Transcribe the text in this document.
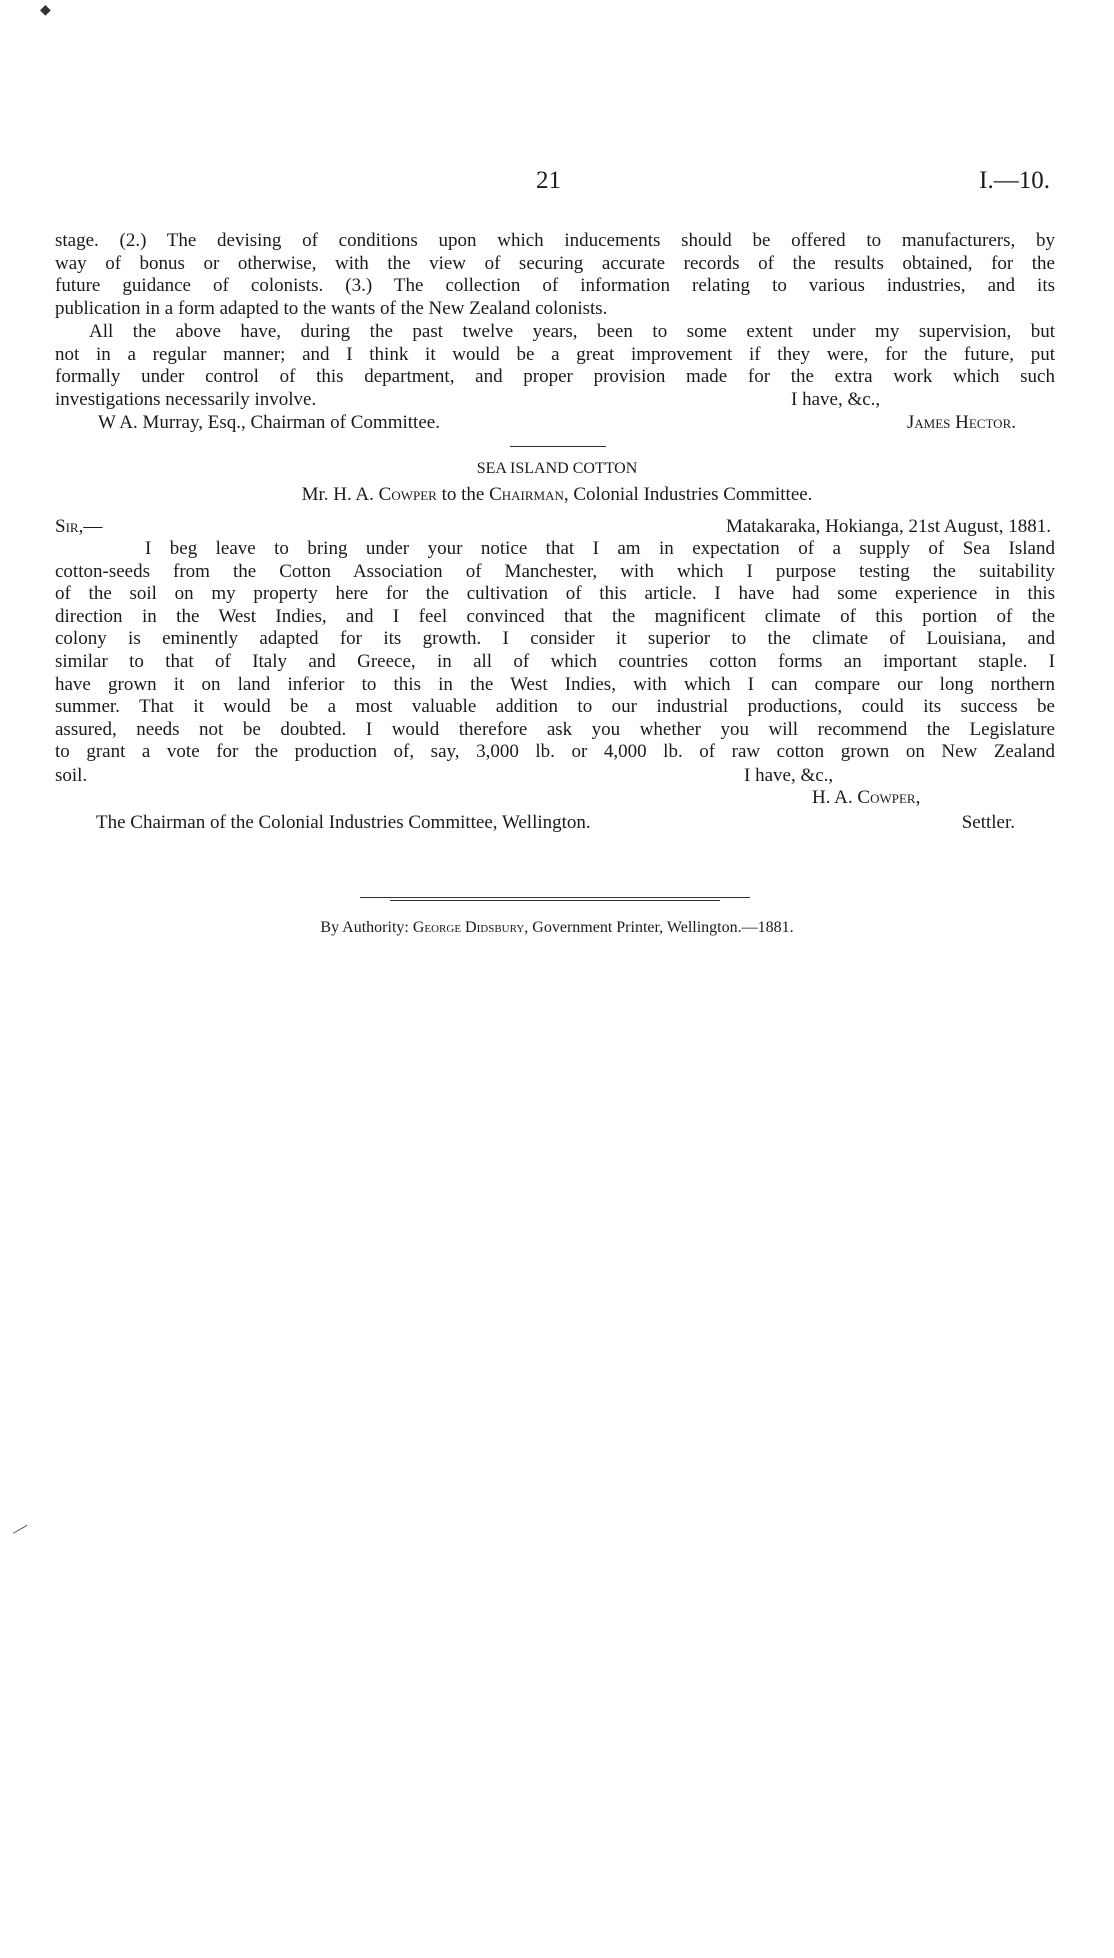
21	I.—10.
stage. (2.) The devising of conditions upon which inducements should be offered to manufacturers, by
way of bonus or otherwise, with the view of securing accurate records of the results obtained, for the
future guidance of colonists. (3.) The collection of information relating to various industries, and its
publication in a form adapted to the wants of the New Zealand colonists.
All the above have, during the past twelve years, been to some extent under my supervision, but
not in a regular manner; and I think it would be a great improvement if they were, for the future, put
formally under control of this department, and proper provision made for the extra work which such
investigations necessarily involve.	I have, &c.,
W A. Murray, Esq., Chairman of Committee.	James Hector.
SEA ISLAND COTTON
Mr. H. A. Cowper to the Chairman, Colonial Industries Committee.
Sir,—	Matakaraka, Hokianga, 21st August, 1881.
I beg leave to bring under your notice that I am in expectation of a supply of Sea Island
cotton-seeds from the Cotton Association of Manchester, with which I purpose testing the suitability
of the soil on my property here for the cultivation of this article. I have had some experience in this
direction in the West Indies, and I feel convinced that the magnificent climate of this portion of the
colony is eminently adapted for its growth. I consider it superior to the climate of Louisiana, and
similar to that of Italy and Greece, in all of which countries cotton forms an important staple. I
have grown it on land inferior to this in the West Indies, with which I can compare our long northern
summer. That it would be a most valuable addition to our industrial productions, could its success be
assured, needs not be doubted. I would therefore ask you whether you will recommend the Legislature
to grant a vote for the production of, say, 3,000 lb. or 4,000 lb. of raw cotton grown on New Zealand
soil.	I have, &c.,
H. A. Cowper,
The Chairman of the Colonial Industries Committee, Wellington.	Settler.
By Authority: George Didsbury, Government Printer, Wellington.—1881.
◆
—
